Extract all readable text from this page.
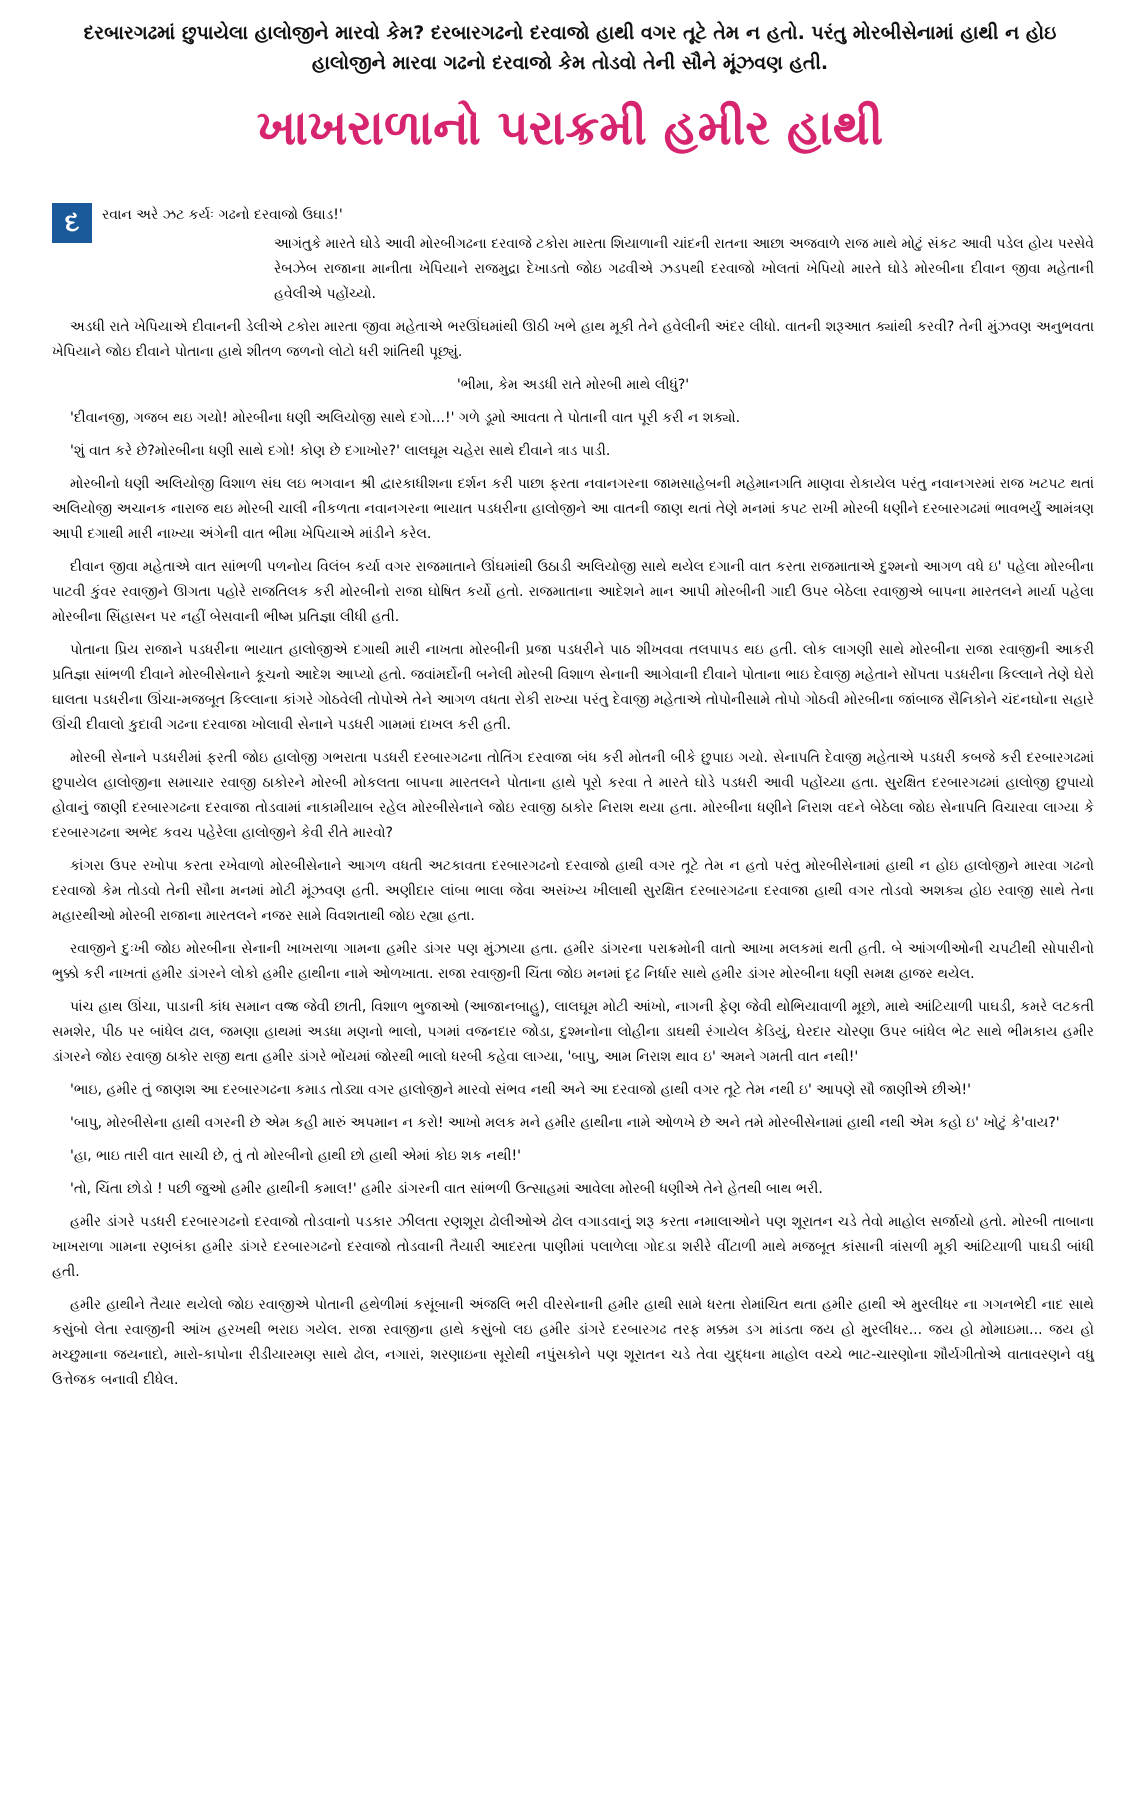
દરબારગઢમાં છુપાયેલા હાલોજીને મારવો કેમ? દરબારગઢનો દરવાજો હાથી વગર તૂટે તેમ ન હતો. પરંતુ મોરબીસેનામાં હાથી ન હોઇ હાલોજીને મારવા ગઢનો દરવાજો કેમ તોડવો તેની સૌને મૂંઝવણ હતી.
ખાખરાળાનો પરાક્રમી હમીર હાથી

દ	રવાન અરે ઝટ કર્યઃ ગઢનો દરવાજો ઉઘાડ!'

આગંતુકે મારતે ઘોડે આવી મોરબીગઢના દરવાજે ટકોરા મારતા શિયાળાની ચાંદની રાતના આછા અજવાળે રાજ માથે મોટું સંકટ આવી પડેલ હોય પરસેવે રેબઝેબ રાજાના માનીતા ખેપિયાને રાજમુદ્રા દેખાડતો જોઇ ગઢવીએ ઝડપથી દરવાજો ખોલતાં ખેપિયો મારતે ઘોડે મોરબીના દીવાન જીવા મહેતાની હવેલીએ પહોંચ્યો.

અડધી રાતે ખેપિયાએ દીવાનની ડેલીએ ટકોરા મારતા જીવા મહેતાએ ભરઊંઘમાંથી ઊઠી ખભે હાથ મૂકી તેને હવેલીની અંદર લીધો. વાતની શરૂઆત ક્યાંથી કરવી? તેની મુંઝવણ અનુભવતા ખેપિયાને જોઇ દીવાને પોતાના હાથે શીતળ જળનો લોટો ધરી શાંતિથી પૂછ્યું.

'ભીમા, કેમ અડધી રાતે મોરબી માથે લીધું?'

'દીવાનજી, ગજબ થઇ ગયો! મોરબીના ધણી અલિયોજી સાથે દગો...!' ગળે ડૂમો આવતા તે પોતાની વાત પૂરી કરી ન શક્યો.

'શું વાત કરે છે?મોરબીના ધણી સાથે દગો! કોણ છે દગાખોર?' લાલઘૂમ ચહેરા સાથે દીવાને ત્રાડ પાડી.

મોરબીનો ધણી અલિયોજી વિશાળ સંઘ લઇ ભગવાન શ્રી દ્વારકાધીશના દર્શન કરી પાછા ફરતા નવાનગરના જામસાહેબની મહેમાનગતિ માણવા રોકાયેલ પરંતુ નવાનગરમાં રાજ ખટપટ થતાં અલિયોજી અચાનક નારાજ થઇ મોરબી ચાલી નીકળતા નવાનગરના ભાયાત પડધરીના હાલોજીને આ વાતની જાણ થતાં તેણે મનમાં કપટ રાખી મોરબી ધણીને દરબારગઢમાં ભાવભર્યું આમંત્રણ આપી દગાથી મારી નાખ્યા અંગેની વાત ભીમા ખેપિયાએ માંડીને કરેલ.

દીવાન જીવા મહેતાએ વાત સાંભળી પળનોય વિલંબ કર્યા વગર રાજમાતાને ઊંઘમાંથી ઉઠાડી અલિયોજી સાથે થયેલ દગાની વાત કરતા રાજમાતાએ દુશ્મનો આગળ વધે ઇ' પહેલા મોરબીના પાટવી કુંવર રવાજીને ઊગતા પહોરે રાજતિલક કરી મોરબીનો રાજા ઘોષિત કર્યો હતો. રાજમાતાના આદેશને માન આપી મોરબીની ગાદી ઉપર બેઠેલા રવાજીએ બાપના મારતલને માર્યા પહેલા મોરબીના સિંહાસન પર નહીં બેસવાની ભીષ્મ પ્રતિજ્ઞા લીધી હતી.

પોતાના પ્રિય રાજાને પડધરીના ભાયાત હાલોજીએ દગાથી મારી નાખતા મોરબીની પ્રજા પડધરીને પાઠ શીખવવા તલપાપડ થઇ હતી. લોક લાગણી સાથે મોરબીના રાજા રવાજીની આકરી પ્રતિજ્ઞા સાંભળી દીવાને મોરબીસેનાને કૂચનો આદેશ આપ્યો હતો. જવાંમર્દોની બનેલી મોરબી વિશાળ સેનાની આગેવાની દીવાને પોતાના ભાઇ દેવાજી મહેતાને સોંપતા પડધરીના કિલ્લાને તેણે ઘેરો ઘાલતા પડધરીના ઊંચા-મજબૂત કિલ્લાના કાંગરે ગોઠવેલી તોપોએ તેને આગળ વધતા રોકી રાખ્યા પરંતુ દેવાજી મહેતાએ તોપોનીસામે તોપો ગોઠવી મોરબીના જાંબાજ સૈનિકોને ચંદનઘોના સહારે ઊંચી દીવાલો કુદાવી ગઢના દરવાજા ખોલાવી સેનાને પડધરી ગામમાં દાખલ કરી હતી.

મોરબી સેનાને પડધરીમાં ફરતી જોઇ હાલોજી ગભરાતા પડધરી દરબારગઢના તોતિંગ દરવાજા બંધ કરી મોતની બીકે છુપાઇ ગયો. સેનાપતિ દેવાજી મહેતાએ પડધરી કબજે કરી દરબારગઢમાં છુપાયેલ હાલોજીના સમાચાર રવાજી ઠાકોરને મોરબી મોકલતા બાપના મારતલને પોતાના હાથે પૂરો કરવા તે મારતે ઘોડે પડધરી આવી પહોંચ્યા હતા. સુરક્ષિત દરબારગઢમાં હાલોજી છુપાયો હોવાનું જાણી દરબારગઢના દરવાજા તોડવામાં નાકામીયાબ રહેલ મોરબીસેનાને જોઇ રવાજી ઠાકોર નિરાશ થયા હતા. મોરબીના ધણીને નિરાશ વદને બેઠેલા જોઇ સેનાપતિ વિચારવા લાગ્યા કે દરબારગઢના અભેદ કવચ પહેરેલા હાલોજીને કેવી રીતે મારવો?

કાંગરા ઉપર રખોપા કરતા રખેવાળો મોરબીસેનાને આગળ વધતી અટકાવતા દરબારગઢનો દરવાજો હાથી વગર તૂટે તેમ ન હતો પરંતુ મોરબીસેનામાં હાથી ન હોઇ હાલોજીને મારવા ગઢનો દરવાજો કેમ તોડવો તેની સૌના મનમાં મોટી મૂંઝવણ હતી. અણીદાર લાંબા ભાલા જેવા અસંખ્ય ખીલાથી સુરક્ષિત દરબારગઢના દરવાજા હાથી વગર તોડવો અશક્ય હોઇ રવાજી સાથે તેના મહારથીઓ મોરબી રાજાના મારતલને નજર સામે વિવશતાથી જોઇ રહ્યા હતા.

રવાજીને દુઃખી જોઇ મોરબીના સેનાની ખાખરાળા ગામના હમીર ડાંગર પણ મુંઝાયા હતા. હમીર ડાંગરના પરાક્રમોની વાતો આખા મલકમાં થતી હતી. બે આંગળીઓની ચપટીથી સોપારીનો ભુક્કો કરી નાખતાં હમીર ડાંગરને લોકો હમીર હાથીના નામે ઓળખાતા. રાજા રવાજીની ચિંતા જોઇ મનમાં દૃઢ નિર્ધાર સાથે હમીર ડાંગર મોરબીના ધણી સમક્ષ હાજર થયેલ.

પાંચ હાથ ઊંચા, પાડાની કાંધ સમાન વજ્ર જેવી છાતી, વિશાળ ભુજાઓ (આજાનબાહુ), લાલઘૂમ મોટી આંખો, નાગની ફેણ જેવી થોભિયાવાળી મૂછો, માથે આંટિયાળી પાઘડી, કમરે લટકતી સમશેર, પીઠ પર બાંધેલ ઢાલ, જમણા હાથમાં અડધા મણનો ભાલો, પગમાં વજનદાર જોડા, દુશ્મનોના લોહીના ડાઘથી રંગાયેલ કેડિયું, ઘેરદાર ચોરણા ઉપર બાંધેલ ભેટ સાથે ભીમકાય હમીર ડાંગરને જોઇ રવાજી ઠાકોર રાજી થતા હમીર ડાંગરે ભોંયમાં જોરથી ભાલો ધરબી કહેવા લાગ્યા, 'બાપુ, આમ નિરાશ થાવ ઇ' અમને ગમતી વાત નથી!'

'ભાઇ, હમીર તું જાણશ આ દરબારગઢના કમાડ તોડ્યા વગર હાલોજીને મારવો સંભવ નથી અને આ દરવાજો હાથી વગર તૂટે તેમ નથી ઇ' આપણે સૌ જાણીએ છીએ!'

'બાપુ, મોરબીસેના હાથી વગરની છે એમ કહી મારું અપમાન ન કરો! આખો મલક મને હમીર હાથીના નામે ઓળખે છે અને તમે મોરબીસેનામાં હાથી નથી એમ કહો ઇ' ખોટું કે'વાય?'

'હા, ભાઇ તારી વાત સાચી છે, તું તો મોરબીનો હાથી છો હાથી એમાં કોઇ શક નથી!'

'તો, ચિંતા છોડો ! પછી જુઓ હમીર હાથીની કમાલ!' હમીર ડાંગરની વાત સાંભળી ઉત્સાહમાં આવેલા મોરબી ધણીએ તેને હેતથી બાથ ભરી.

હમીર ડાંગરે પડધરી દરબારગઢનો દરવાજો તોડવાનો પડકાર ઝીલતા રણશૂરા ઢોલીઓએ ઢોલ વગાડવાનું શરૂ કરતા નમાલાઓને પણ શૂરાતન ચડે તેવો માહોલ સર્જાયો હતો. મોરબી તાબાના ખાખરાળા ગામના રણબંકા હમીર ડાંગરે દરબારગઢનો દરવાજો તોડવાની તૈયારી આદરતા પાણીમાં પલાળેલા ગોદડા શરીરે વીંટાળી માથે મજબૂત કાંસાની ત્રાંસળી મૂકી આંટિયાળી પાઘડી બાંધી હતી.

હમીર હાથીને તૈયાર થયેલો જોઇ રવાજીએ પોતાની હથેળીમાં કસૂંબાની અંજલિ ભરી વીરસેનાની હમીર હાથી સામે ધરતા રોમાંચિત થતા હમીર હાથી એ મુરલીધર ના ગગનભેદી નાદ સાથે કસુંબો લેતા રવાજીની આંખ હરખથી ભરાઇ ગયેલ. રાજા રવાજીના હાથે કસુંબો લઇ હમીર ડાંગરે દરબારગઢ તરફ મક્કમ ડગ માંડતા જય હો મુરલીધર... જય હો મોમાઇમા... જય હો મચ્છુમાના જયનાદો, મારો-કાપોના રીડીયારમણ સાથે ઢોલ, નગારાં, શરણાઇના સૂરોથી નપુંસકોને પણ શૂરાતન ચડે તેવા યુદ્ધના માહોલ વચ્ચે ભાટ-ચારણોના શૌર્યગીતોએ વાતાવરણને વધુ ઉત્તેજક બનાવી દીધેલ.
